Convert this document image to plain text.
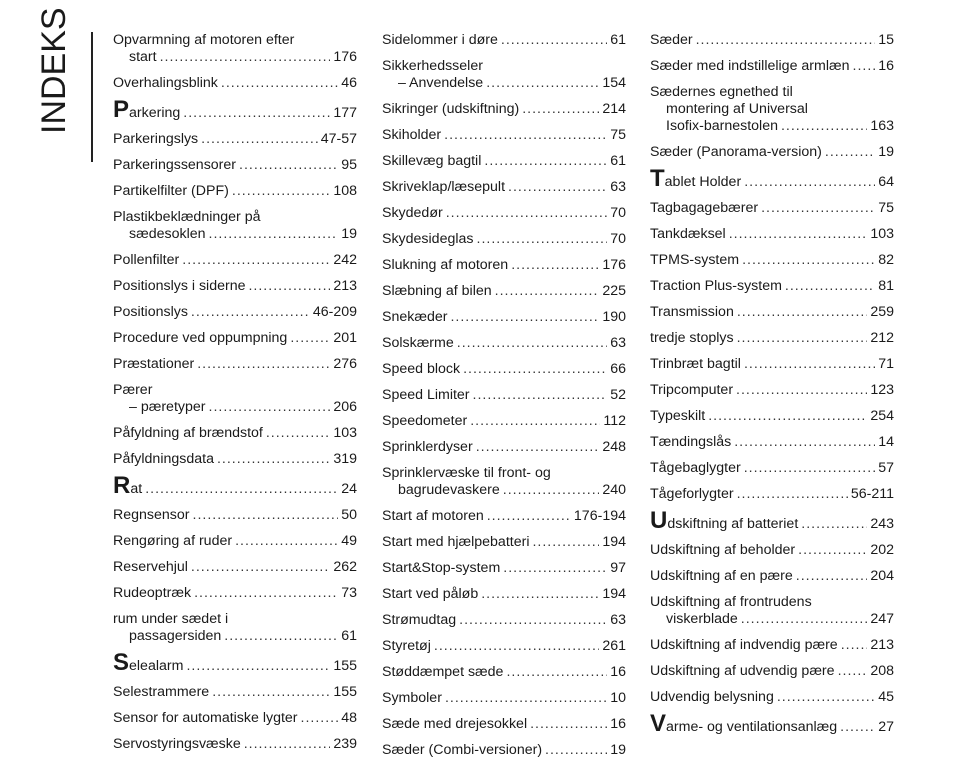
INDEKS	Opvarmning af motoren efter
start .....	176
Overhalingsblink .....	46
Parkering .....	177
Parkeringslys .....	47-57
Parkeringssensorer .....	95
Partikelfilter (DPF) .....	108
Plastikbeklædninger på
sædesoklen .....	19
Pollenfilter .....	242
Positionslys i siderne .....	213
Positionslys .....	46-209
Procedure ved oppumpning .....	201
Præstationer .....	276
Pærer
– pæretyper .....	206
Påfyldning af brændstof .....	103
Påfyldningsdata .....	319
Rat .....	24
Regnsensor .....	50
Rengøring af ruder .....	49
Reservehjul .....	262
Rudeoptræk .....	73
rum under sædet i
passagersiden .....	61
Selealarm .....	155
Selestrammere .....	155
Sensor for automatiske lygter .....	48
Servostyringsvæske .....	239
Sidelommer i døre .....	61
Sikkerhedsseler
– Anvendelse .....	154
Sikringer (udskiftning) .....	214
Skiholder .....	75
Skillevæg bagtil .....	61
Skriveklap/læsepult .....	63
Skydedør .....	70
Skydesideglas .....	70
Slukning af motoren .....	176
Slæbning af bilen .....	225
Snekæder .....	190
Solskærme .....	63
Speed block .....	66
Speed Limiter .....	52
Speedometer .....	112
Sprinklerdyser .....	248
Sprinklervæske til front- og
bagrudevaskere .....	240
Start af motoren .....	176-194
Start med hjælpebatteri .....	194
Start&Stop-system .....	97
Start ved påløb .....	194
Strømudtag .....	63
Styretøj .....	261
Støddæmpet sæde .....	16
Symboler .....	10
Sæde med drejesokkel .....	16
Sæder (Combi-versioner) .....	19
Sæder .....	15
Sæder med indstillelige armlæn ..... 16
Sædernes egnethed til
montering af Universal
Isofix-barnestolen .....	163
Sæder (Panorama-version) .....	19
Tablet Holder .....	64
Tagbagagebærer .....	75
Tankdæksel .....	103
TPMS-system .....	82
Traction Plus-system .....	81
Transmission .....	259
tredje stoplys .....	212
Trinbræt bagtil .....	71
Tripcomputer .....	123
Typeskilt .....	254
Tændingslås .....	14
Tågebaglygter .....	57
Tågeforlygter .....	56-211
Udskiftning af batteriet .....	243
Udskiftning af beholder .....	202
Udskiftning af en pære .....	204
Udskiftning af frontrudens
viskerblade .....	247
Udskiftning af indvendig pære ..... 213
Udskiftning af udvendig pære .....	208
Udvendig belysning .....	45
Varme- og ventilationsanlæg .....	27
